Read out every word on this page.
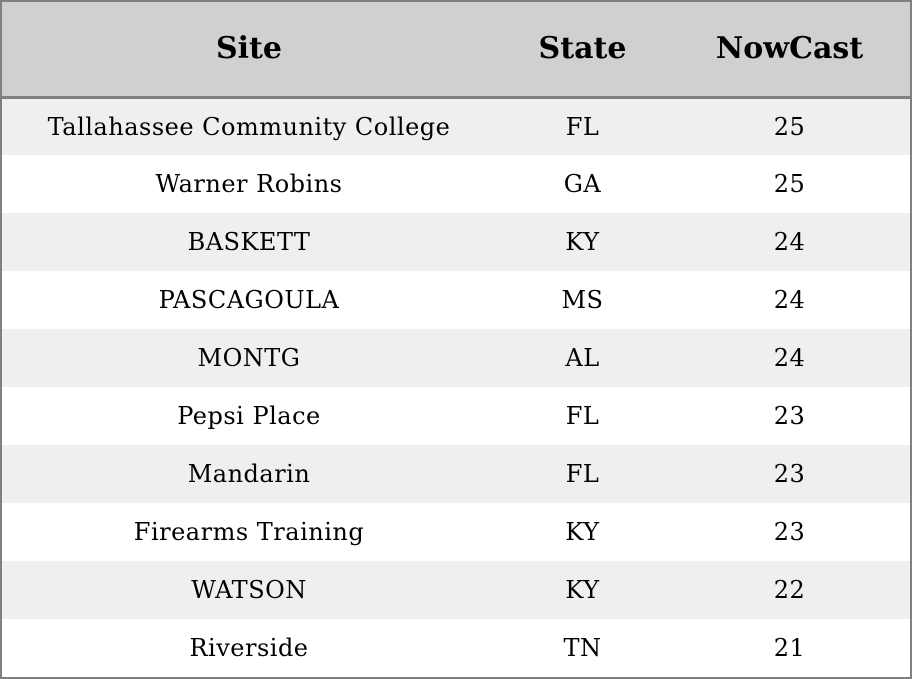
Site	State	NowCast
Tallahassee Community College	FL	25
Warner Robins	GA	25
BASKETT	KY	24
PASCAGOULA	MS	24
MONTG	AL	24
Pepsi Place	FL	23
Mandarin	FL	23
Firearms Training	KY	23
WATSON	KY	22
Riverside	TN	21
